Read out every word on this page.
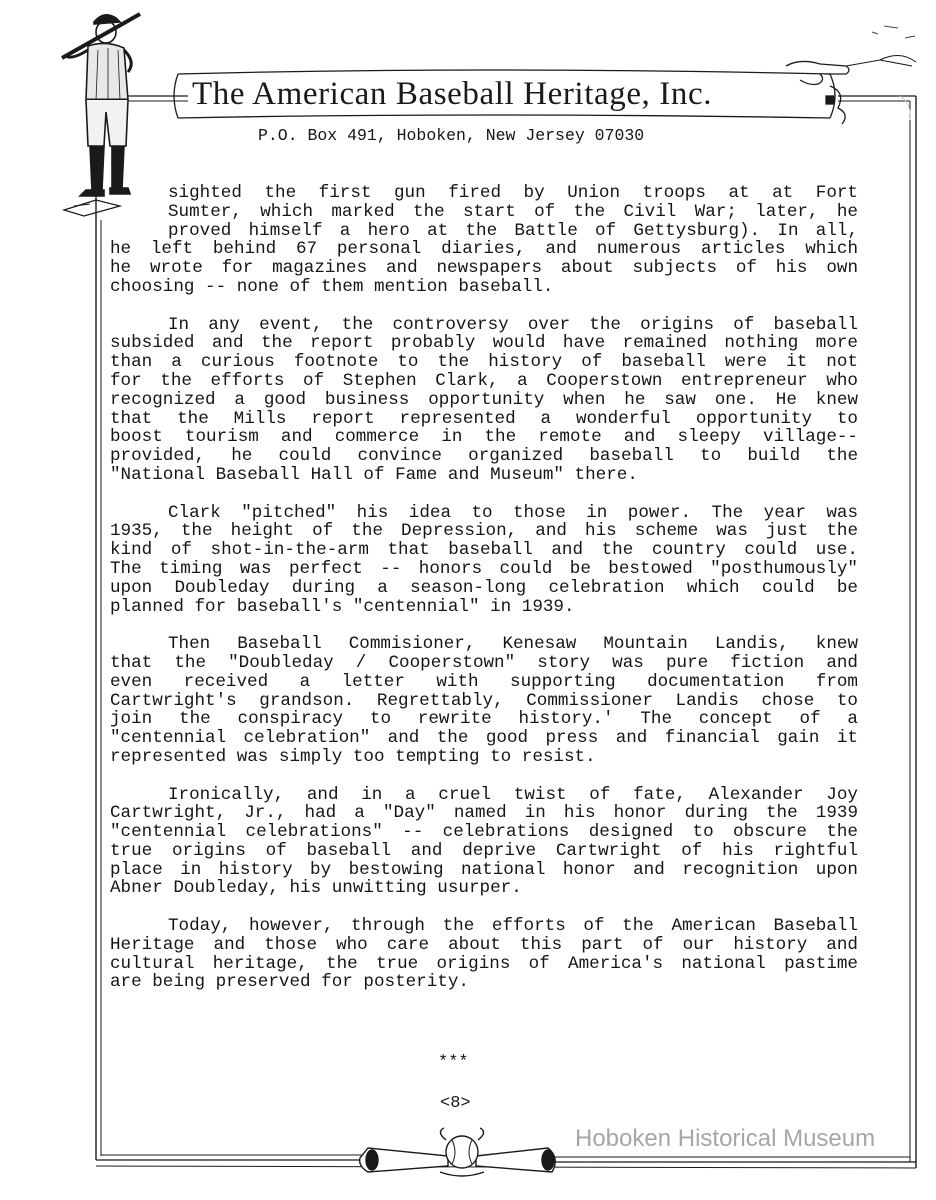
The American Baseball Heritage, Inc.
P.O. Box 491, Hoboken, New Jersey 07030
sighted the first gun fired by Union troops at at Fort
Sumter, which marked the start of the Civil War; later, he
proved himself a hero at the Battle of Gettysburg). In all,
he left behind 67 personal diaries, and numerous articles which
he wrote for magazines and newspapers about subjects of his own
choosing -- none of them mention baseball.
In any event, the controversy over the origins of baseball
subsided and the report probably would have remained nothing more
than a curious footnote to the history of baseball were it not
for the efforts of Stephen Clark, a Cooperstown entrepreneur who
recognized a good business opportunity when he saw one. He knew
that the Mills report represented a wonderful opportunity to
boost tourism and commerce in the remote and sleepy village--
provided, he could convince organized baseball to build the
"National Baseball Hall of Fame and Museum" there.
Clark "pitched" his idea to those in power. The year was
1935, the height of the Depression, and his scheme was just the
kind of shot-in-the-arm that baseball and the country could use.
The timing was perfect -- honors could be bestowed "posthumously"
upon Doubleday during a season-long celebration which could be
planned for baseball's "centennial" in 1939.
Then Baseball Commisioner, Kenesaw Mountain Landis, knew
that the "Doubleday / Cooperstown" story was pure fiction and
even received a letter with supporting documentation from
Cartwright's grandson. Regrettably, Commissioner Landis chose to
join the conspiracy to rewrite history.' The concept of a
"centennial celebration" and the good press and financial gain it
represented was simply too tempting to resist.
Ironically, and in a cruel twist of fate, Alexander Joy
Cartwright, Jr., had a "Day" named in his honor during the 1939
"centennial celebrations" -- celebrations designed to obscure the
true origins of baseball and deprive Cartwright of his rightful
place in history by bestowing national honor and recognition upon
Abner Doubleday, his unwitting usurper.
Today, however, through the efforts of the American Baseball
Heritage and those who care about this part of our history and
cultural heritage, the true origins of America's national pastime
are being preserved for posterity.
***
<8>
Hoboken Historical Museum
